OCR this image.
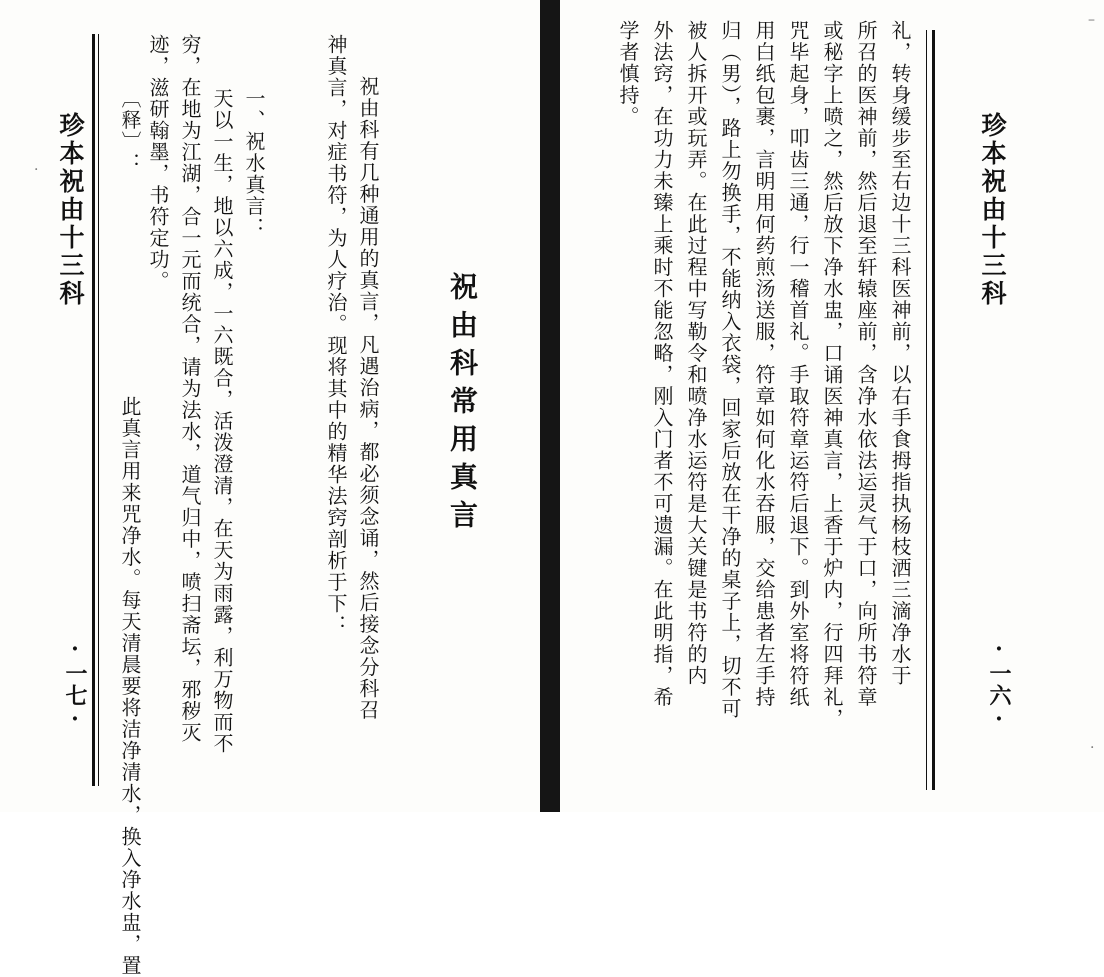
珍本祝由十三科
·一七· 此真言用来咒净水。每天清晨要将洁净清水，换入净水盅，置
〔释〕： 迹，滋研翰墨，书符定功。 穷，在地为江湖，合一元而统合，请为法水，道气归中，喷扫斋坛，邪秽灭 天以一生，地以六成，一六既合，活泼澄清，在天为雨露，利万物而不 一、祝水真言：	神真言，对症书符，为人疗治。现将其中的精华法窍剖析于下： 祝由科有几种通用的真言，凡遇治病，都必须念诵，然后接念分科召 祝由科常用真言
·
学者慎持。 外法窍，在功力未臻上乘时不能忽略，刚入门者不可遗漏。在此明指，希 被人拆开或玩弄。在此过程中写勒令和喷净水运符是大关键是书符的内 归（男），路上勿换手，不能纳入衣袋，回家后放在干净的桌子上，切不可 用白纸包裹，言明用何药煎汤送服，符章如何化水吞服，交给患者左手持 咒毕起身，叩齿三通，行一稽首礼。手取符章运符后退下。到外室将符纸 或秘字上喷之，然后放下净水盅，口诵医神真言，上香于炉内，行四拜礼， 所召的医神前，然后退至轩辕座前，含净水依法运灵气于口，向所书符章 礼，转身缓步至右边十三科医神前，以右手食拇指执杨枝洒三滴净水于	珍本祝由十三科
·一六·
–
·
